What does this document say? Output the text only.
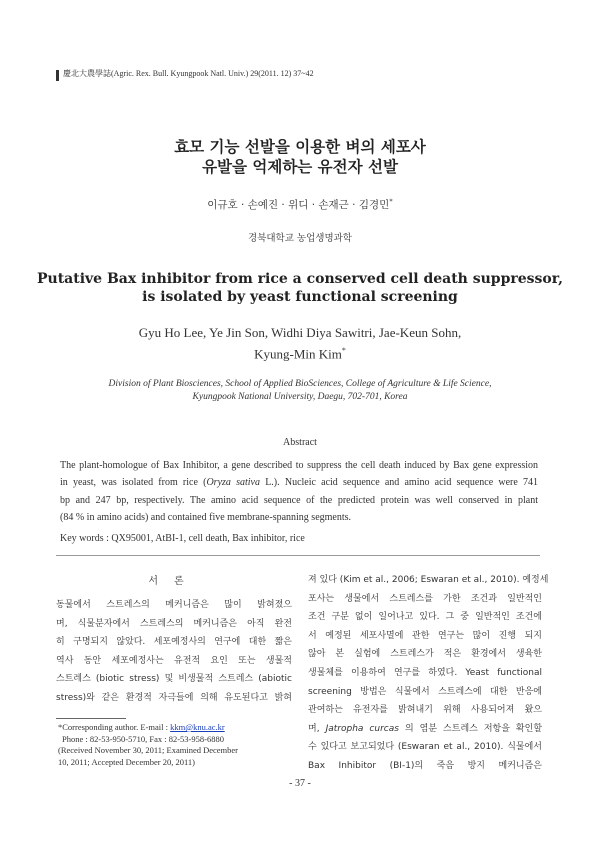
慶北大農學誌(Agric. Rex. Bull. Kyungpook Natl. Univ.) 29(2011. 12) 37~42
효모 기능 선발을 이용한 벼의 세포사
유발을 억제하는 유전자 선발
이규호 · 손예진 · 위디 · 손재근 · 김경민*
경북대학교 농업생명과학
Putative Bax inhibitor from rice a conserved cell death suppressor,
is isolated by yeast functional screening
Gyu Ho Lee, Ye Jin Son, Widhi Diya Sawitri, Jae-Keun Sohn,
Kyung-Min Kim*
Division of Plant Biosciences, School of Applied BioSciences, College of Agriculture & Life Science,
Kyungpook National University, Daegu, 702-701, Korea
Abstract
The plant-homologue of Bax Inhibitor, a gene described to suppress the cell death induced by Bax gene expression
in yeast, was isolated from rice (Oryza sativa L.). Nucleic acid sequence and amino acid sequence were 741
bp and 247 bp, respectively. The amino acid sequence of the predicted protein was well conserved in plant
(84 % in amino acids) and contained five membrane-spanning segments.
Key words : QX95001, AtBI-1, cell death, Bax inhibitor, rice
서론
동물에서 스트레스의 메커니즘은 많이 밝혀졌으
며, 식물분자에서 스트레스의 메커니즘은 아직 완전
히 구명되지 않았다. 세포예정사의 연구에 대한 짧은
역사 동안 세포예정사는 유전적 요인 또는 생물적
스트레스 (biotic stress) 및 비생물적 스트레스 (abiotic
stress)와 같은 환경적 자극들에 의해 유도된다고 밝혀
져 있다 (Kim et al., 2006; Eswaran et al., 2010). 예정세
포사는 생물에서 스트레스를 가한 조건과 일반적인
조건 구분 없이 일어나고 있다. 그 중 일반적인 조건에
서 예정된 세포사멸에 관한 연구는 많이 진행 되지
않아 본 실험에 스트레스가 적은 환경에서 생육한
생물체를 이용하여 연구를 하였다. Yeast functional
screening 방법은 식물에서 스트레스에 대한 반응에
관여하는 유전자를 밝혀내기 위해 사용되어져 왔으
며, Jatropha curcas 의 염분 스트레스 저항을 확인할
수 있다고 보고되었다 (Eswaran et al., 2010). 식물에서
Bax Inhibitor (BI-1)의 죽음 방지 메커니즘은
*Corresponding author. E-mail : kkm@knu.ac.kr
Phone : 82-53-950-5710, Fax : 82-53-958-6880
(Received November 30, 2011; Examined December
10, 2011; Accepted December 20, 2011)
- 37 -
